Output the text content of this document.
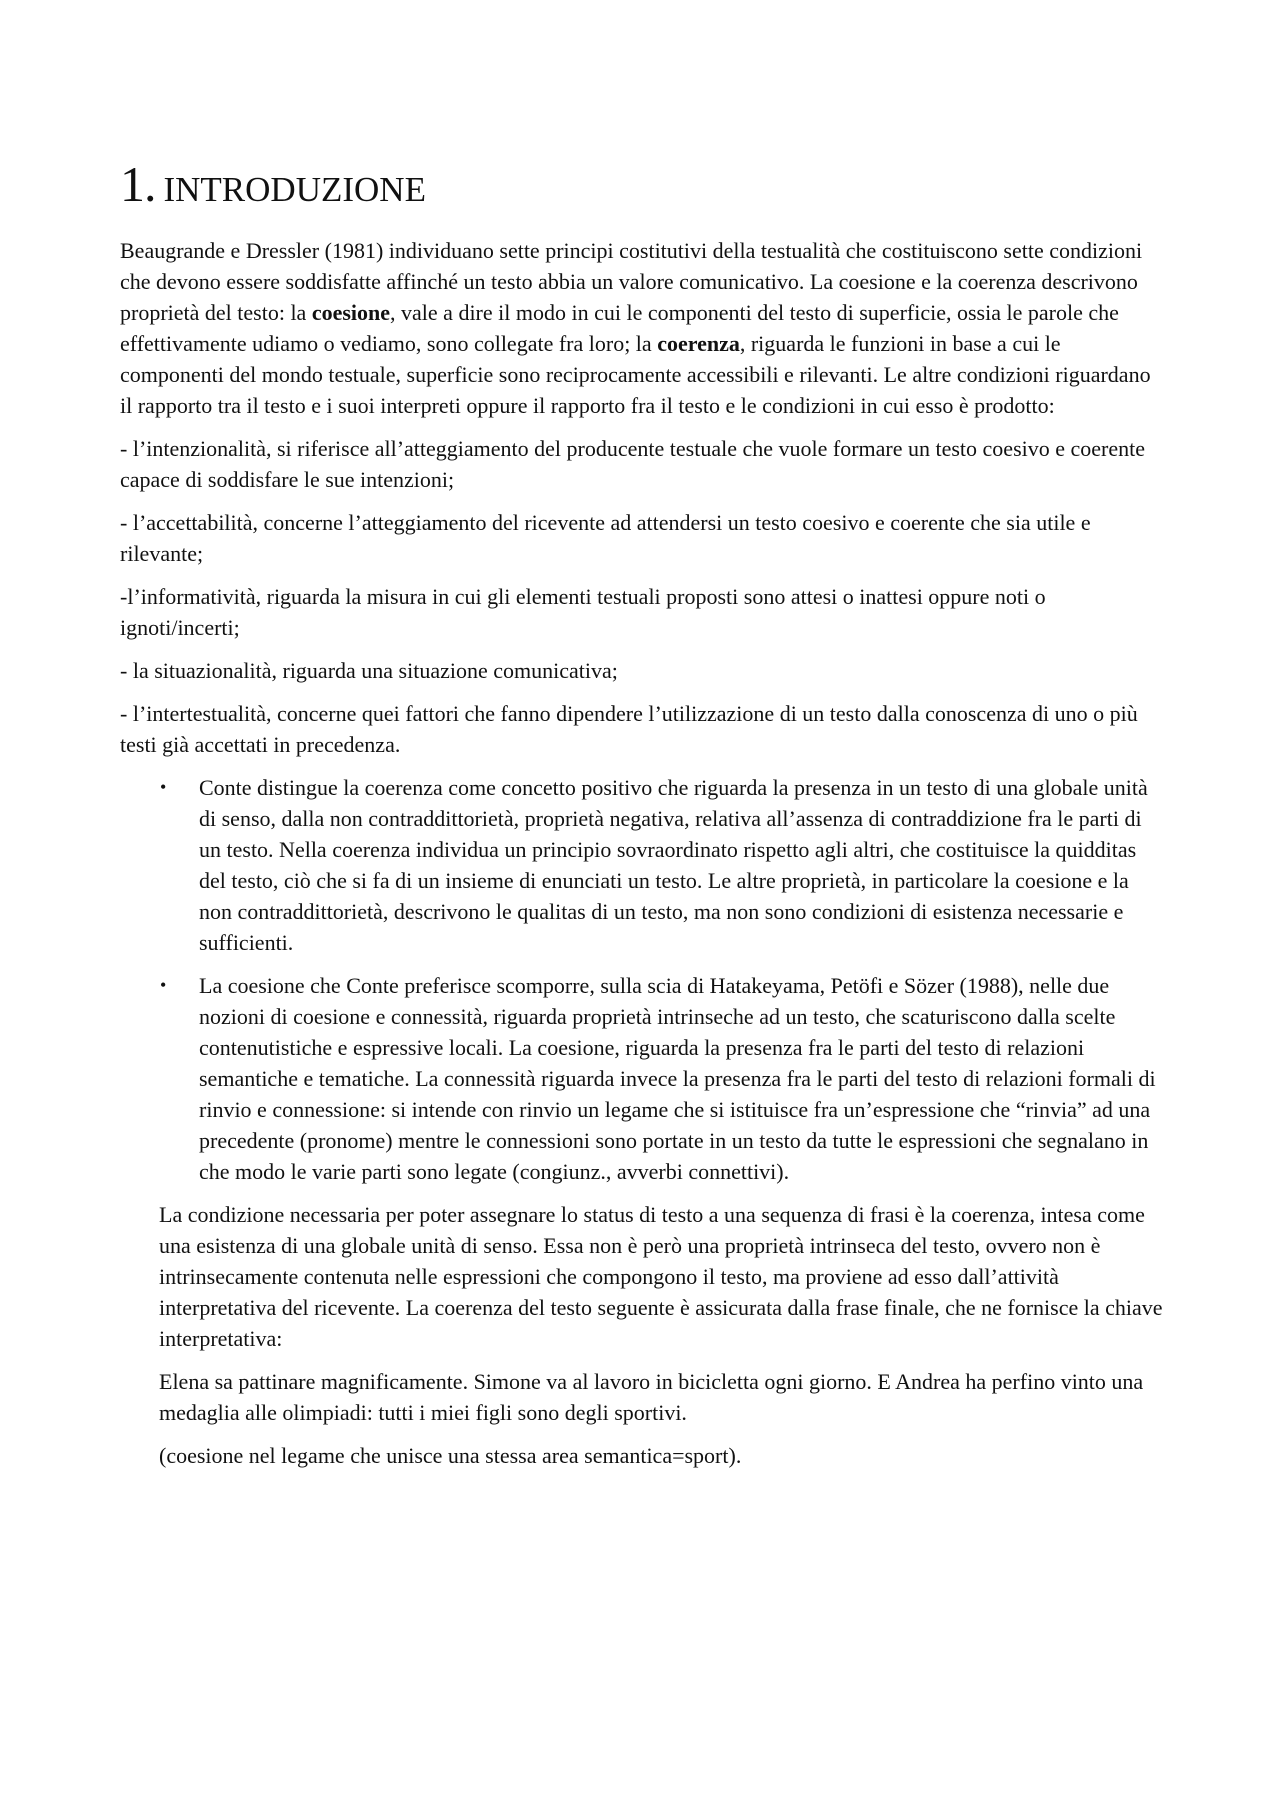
1. INTRODUZIONE

Beaugrande e Dressler (1981) individuano sette principi costitutivi della testualità che costituiscono sette condizioni che devono essere soddisfatte affinché un testo abbia un valore comunicativo. La coesione e la coerenza descrivono proprietà del testo: la coesione, vale a dire il modo in cui le componenti del testo di superficie, ossia le parole che effettivamente udiamo o vediamo, sono collegate fra loro; la coerenza, riguarda le funzioni in base a cui le componenti del mondo testuale, superficie sono reciprocamente accessibili e rilevanti. Le altre condizioni riguardano il rapporto tra il testo e i suoi interpreti oppure il rapporto fra il testo e le condizioni in cui esso è prodotto:

- l’intenzionalità, si riferisce all’atteggiamento del producente testuale che vuole formare un testo coesivo e coerente capace di soddisfare le sue intenzioni;

- l’accettabilità, concerne l’atteggiamento del ricevente ad attendersi un testo coesivo e coerente che sia utile e rilevante;

-l’informatività, riguarda la misura in cui gli elementi testuali proposti sono attesi o inattesi oppure noti o ignoti/incerti;

- la situazionalità, riguarda una situazione comunicativa;

- l’intertestualità, concerne quei fattori che fanno dipendere l’utilizzazione di un testo dalla conoscenza di uno o più testi già accettati in precedenza.

• Conte distingue la coerenza come concetto positivo che riguarda la presenza in un testo di una globale unità di senso, dalla non contraddittorietà, proprietà negativa, relativa all’assenza di contraddizione fra le parti di un testo. Nella coerenza individua un principio sovraordinato rispetto agli altri, che costituisce la quidditas del testo, ciò che si fa di un insieme di enunciati un testo. Le altre proprietà, in particolare la coesione e la non contraddittorietà, descrivono le qualitas di un testo, ma non sono condizioni di esistenza necessarie e sufficienti.
• La coesione che Conte preferisce scomporre, sulla scia di Hatakeyama, Petöfi e Sözer (1988), nelle due nozioni di coesione e connessità, riguarda proprietà intrinseche ad un testo, che scaturiscono dalla scelte contenutistiche e espressive locali. La coesione, riguarda la presenza fra le parti del testo di relazioni semantiche e tematiche. La connessità riguarda invece la presenza fra le parti del testo di relazioni formali di rinvio e connessione: si intende con rinvio un legame che si istituisce fra un’espressione che “rinvia” ad una precedente (pronome) mentre le connessioni sono portate in un testo da tutte le espressioni che segnalano in che modo le varie parti sono legate (congiunz., avverbi connettivi).

La condizione necessaria per poter assegnare lo status di testo a una sequenza di frasi è la coerenza, intesa come una esistenza di una globale unità di senso. Essa non è però una proprietà intrinseca del testo, ovvero non è intrinsecamente contenuta nelle espressioni che compongono il testo, ma proviene ad esso dall’attività interpretativa del ricevente. La coerenza del testo seguente è assicurata dalla frase finale, che ne fornisce la chiave interpretativa:

Elena sa pattinare magnificamente. Simone va al lavoro in bicicletta ogni giorno. E Andrea ha perfino vinto una medaglia alle olimpiadi: tutti i miei figli sono degli sportivi.

(coesione nel legame che unisce una stessa area semantica=sport).
